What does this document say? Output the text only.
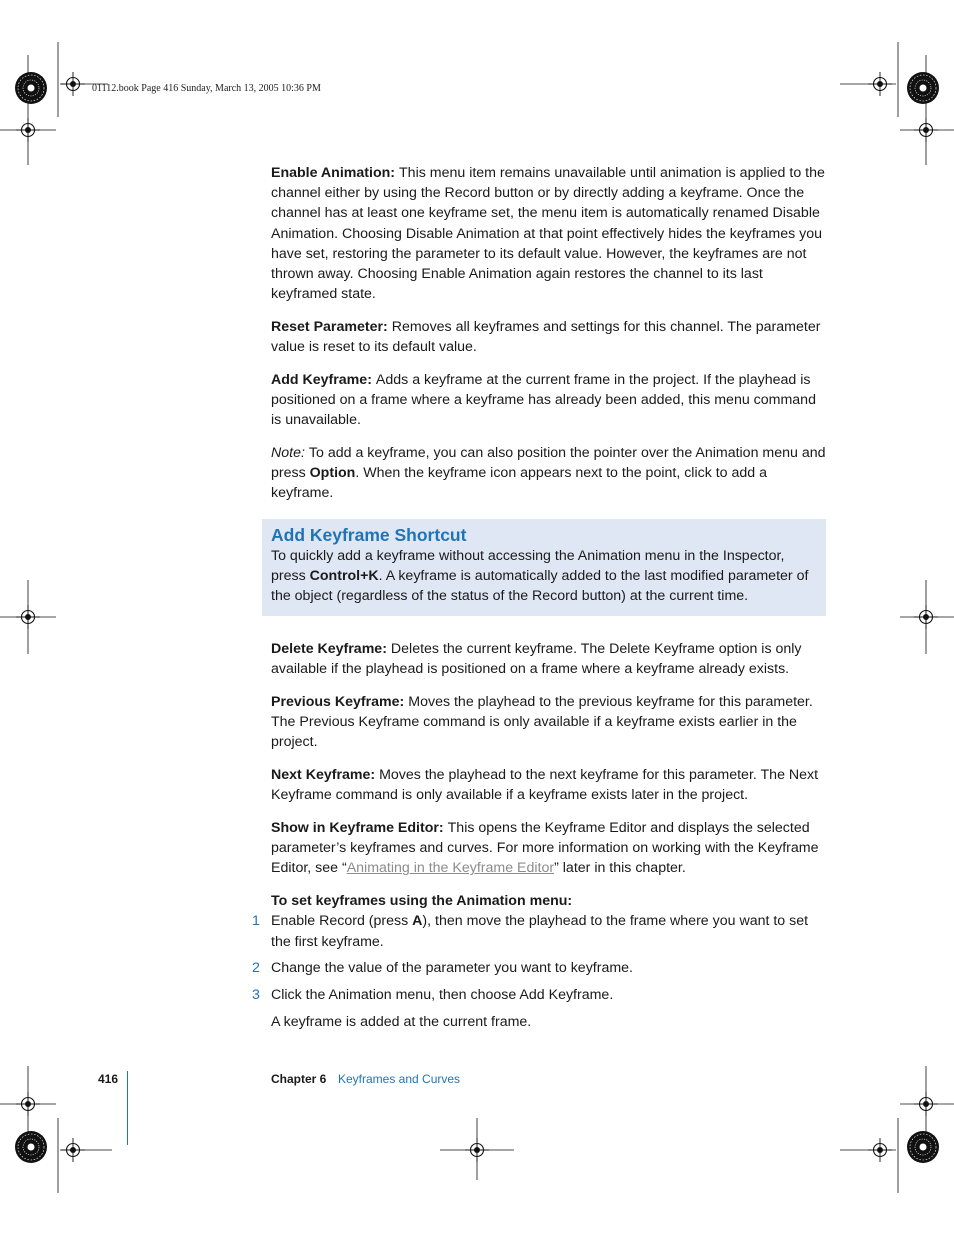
01112.book Page 416 Sunday, March 13, 2005 10:36 PM

Enable Animation: This menu item remains unavailable until animation is applied to the channel either by using the Record button or by directly adding a keyframe. Once the channel has at least one keyframe set, the menu item is automatically renamed Disable Animation. Choosing Disable Animation at that point effectively hides the keyframes you have set, restoring the parameter to its default value. However, the keyframes are not thrown away. Choosing Enable Animation again restores the channel to its last keyframed state.

Reset Parameter: Removes all keyframes and settings for this channel. The parameter value is reset to its default value.

Add Keyframe: Adds a keyframe at the current frame in the project. If the playhead is positioned on a frame where a keyframe has already been added, this menu command is unavailable.

Note: To add a keyframe, you can also position the pointer over the Animation menu and press Option. When the keyframe icon appears next to the point, click to add a keyframe.

Add Keyframe Shortcut

To quickly add a keyframe without accessing the Animation menu in the Inspector, press Control+K. A keyframe is automatically added to the last modified parameter of the object (regardless of the status of the Record button) at the current time.

Delete Keyframe: Deletes the current keyframe. The Delete Keyframe option is only available if the playhead is positioned on a frame where a keyframe already exists.

Previous Keyframe: Moves the playhead to the previous keyframe for this parameter. The Previous Keyframe command is only available if a keyframe exists earlier in the project.

Next Keyframe: Moves the playhead to the next keyframe for this parameter. The Next Keyframe command is only available if a keyframe exists later in the project.

Show in Keyframe Editor: This opens the Keyframe Editor and displays the selected parameter’s keyframes and curves. For more information on working with the Keyframe Editor, see “Animating in the Keyframe Editor” later in this chapter.

To set keyframes using the Animation menu:

1 Enable Record (press A), then move the playhead to the frame where you want to set the first keyframe.
2 Change the value of the parameter you want to keyframe.
3 Click the Animation menu, then choose Add Keyframe.

A keyframe is added at the current frame.

416	Chapter 6 Keyframes and Curves
